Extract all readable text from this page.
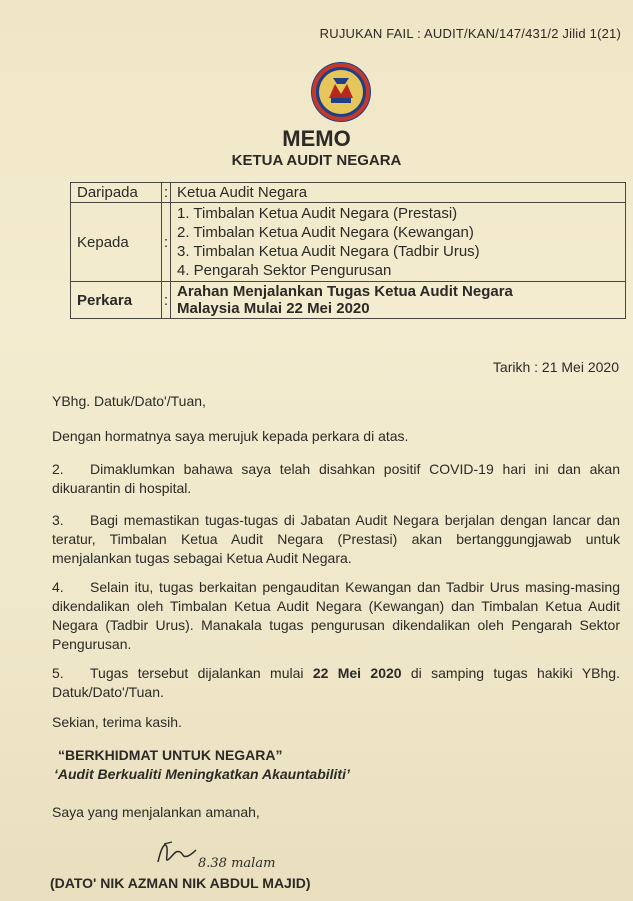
RUJUKAN FAIL : AUDIT/KAN/147/431/2 Jilid 1(21)
MEMO
KETUA AUDIT NEGARA
Daripada	:	Ketua Audit Negara
Kepada	:	1. Timbalan Ketua Audit Negara (Prestasi)
2. Timbalan Ketua Audit Negara (Kewangan)
3. Timbalan Ketua Audit Negara (Tadbir Urus)
4. Pengarah Sektor Pengurusan

Perkara	:	Arahan Menjalankan Tugas Ketua Audit Negara
Malaysia Mulai 22 Mei 2020
Tarikh : 21 Mei 2020
YBhg. Datuk/Dato'/Tuan,
Dengan hormatnya saya merujuk kepada perkara di atas.
2. Dimaklumkan bahawa saya telah disahkan positif COVID-19 hari ini dan akan dikuarantin di hospital.
3. Bagi memastikan tugas-tugas di Jabatan Audit Negara berjalan dengan lancar dan teratur, Timbalan Ketua Audit Negara (Prestasi) akan bertanggungjawab untuk menjalankan tugas sebagai Ketua Audit Negara.
4. Selain itu, tugas berkaitan pengauditan Kewangan dan Tadbir Urus masing-masing dikendalikan oleh Timbalan Ketua Audit Negara (Kewangan) dan Timbalan Ketua Audit Negara (Tadbir Urus). Manakala tugas pengurusan dikendalikan oleh Pengarah Sektor Pengurusan.
5. Tugas tersebut dijalankan mulai 22 Mei 2020 di samping tugas hakiki YBhg. Datuk/Dato'/Tuan.
Sekian, terima kasih.
“BERKHIDMAT UNTUK NEGARA”
‘Audit Berkualiti Meningkatkan Akauntabiliti’
Saya yang menjalankan amanah,
8.38 malam
(DATO' NIK AZMAN NIK ABDUL MAJID)
